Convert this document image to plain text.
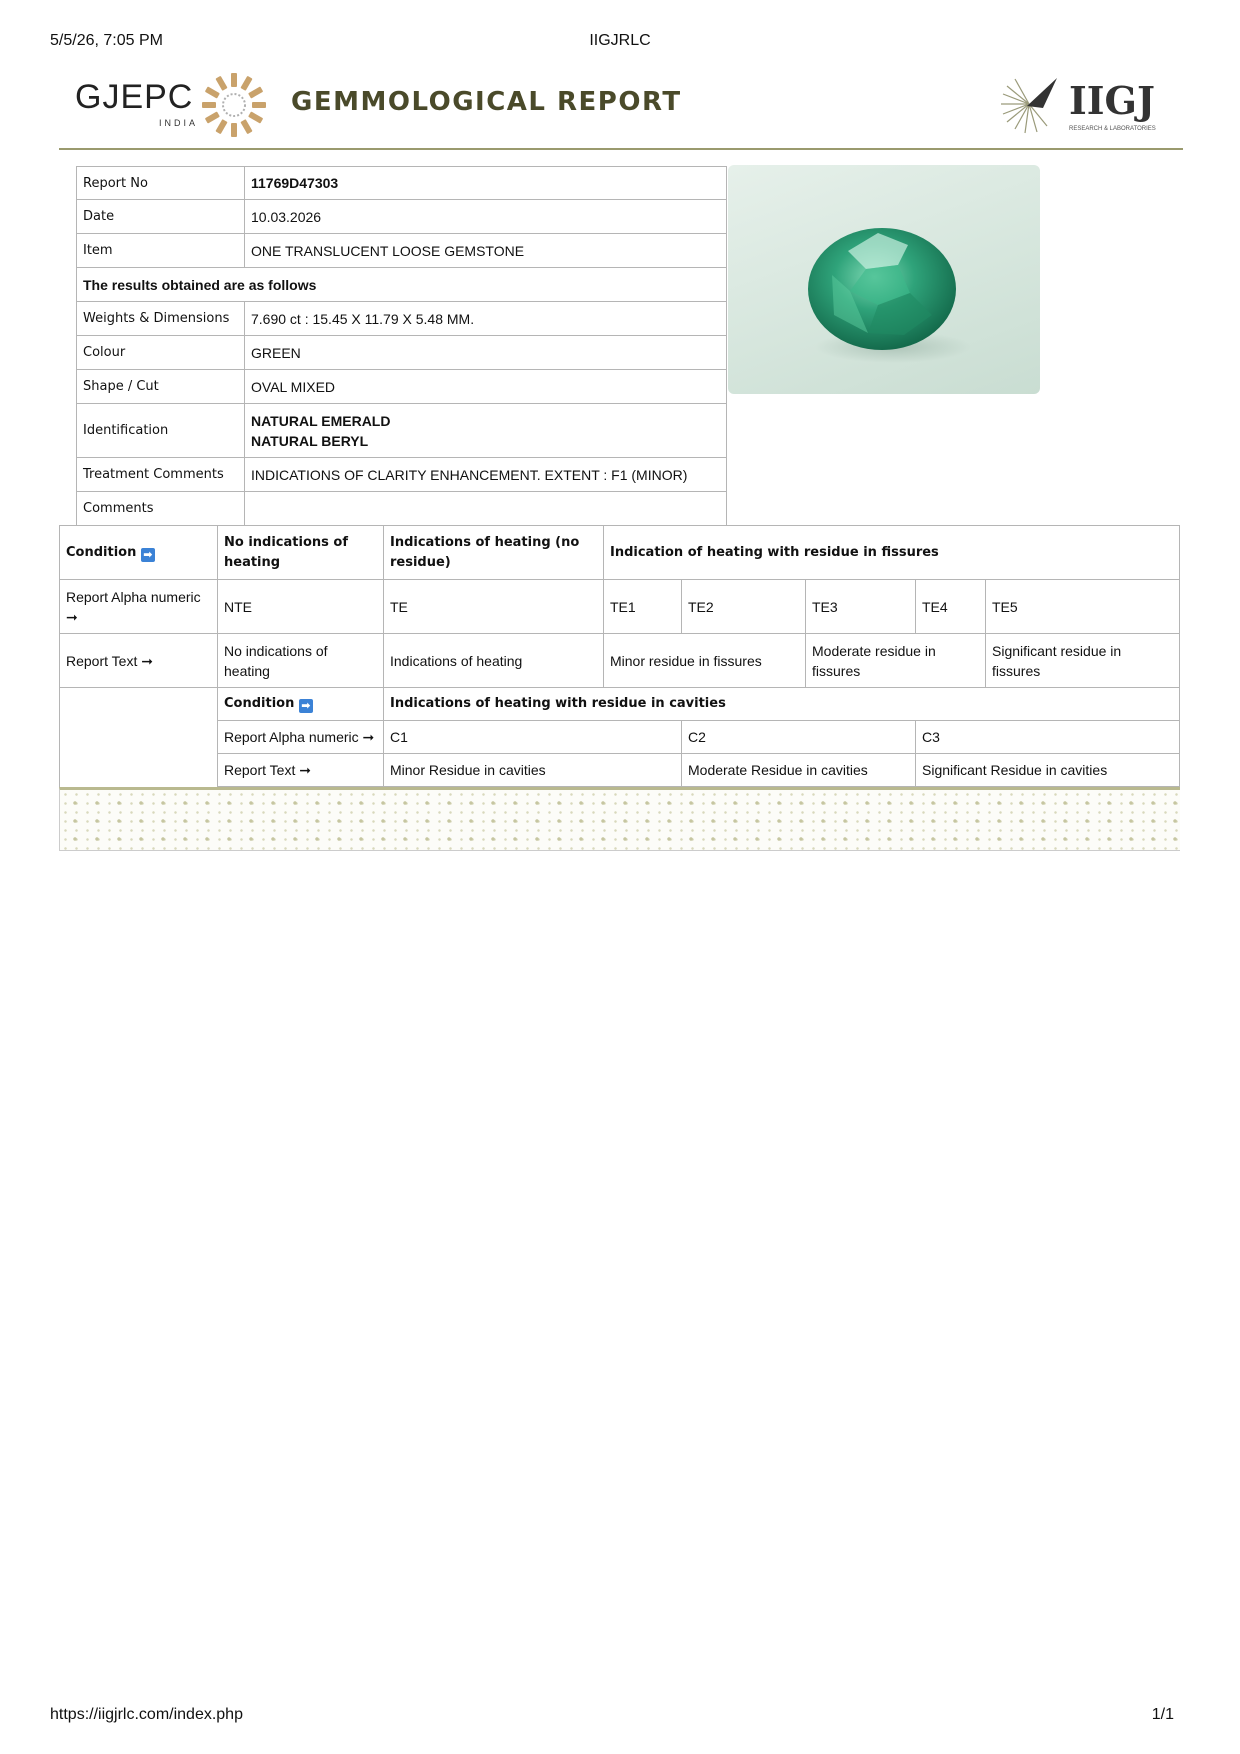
5/5/26, 7:05 PM	IIGJRLC
GJEPC
INDIA
GEMMOLOGICAL REPORT	IIGJ
RESEARCH & LABORATORIES
Report No	11769D47303
Date	10.03.2026
Item	ONE TRANSLUCENT LOOSE GEMSTONE
The results obtained are as follows	
Weights & Dimensions	7.690 ct : 15.45 X 11.79 X 5.48 MM.
Colour	GREEN
Shape / Cut	OVAL MIXED
Identification	NATURAL EMERALD
NATURAL BERYL

Treatment Comments	INDICATIONS OF CLARITY ENHANCEMENT. EXTENT : F1 (MINOR)
Comments	
Condition ➡	No indications of heating	Indications of heating (no residue)	Indication of heating with residue in fissures				
Report Alpha numeric ➞	NTE	TE	TE1	TE2	TE3	TE4	TE5
Report Text ➞	No indications of heating	Indications of heating	Minor residue in fissures		Moderate residue in fissures		Significant residue in fissures
	Condition ➡	Indications of heating with residue in cavities					
	Report Alpha numeric ➞	C1		C2		C3	
	Report Text ➞	Minor Residue in cavities		Moderate Residue in cavities		Significant Residue in cavities	
https://iigjrlc.com/index.php	1/1
